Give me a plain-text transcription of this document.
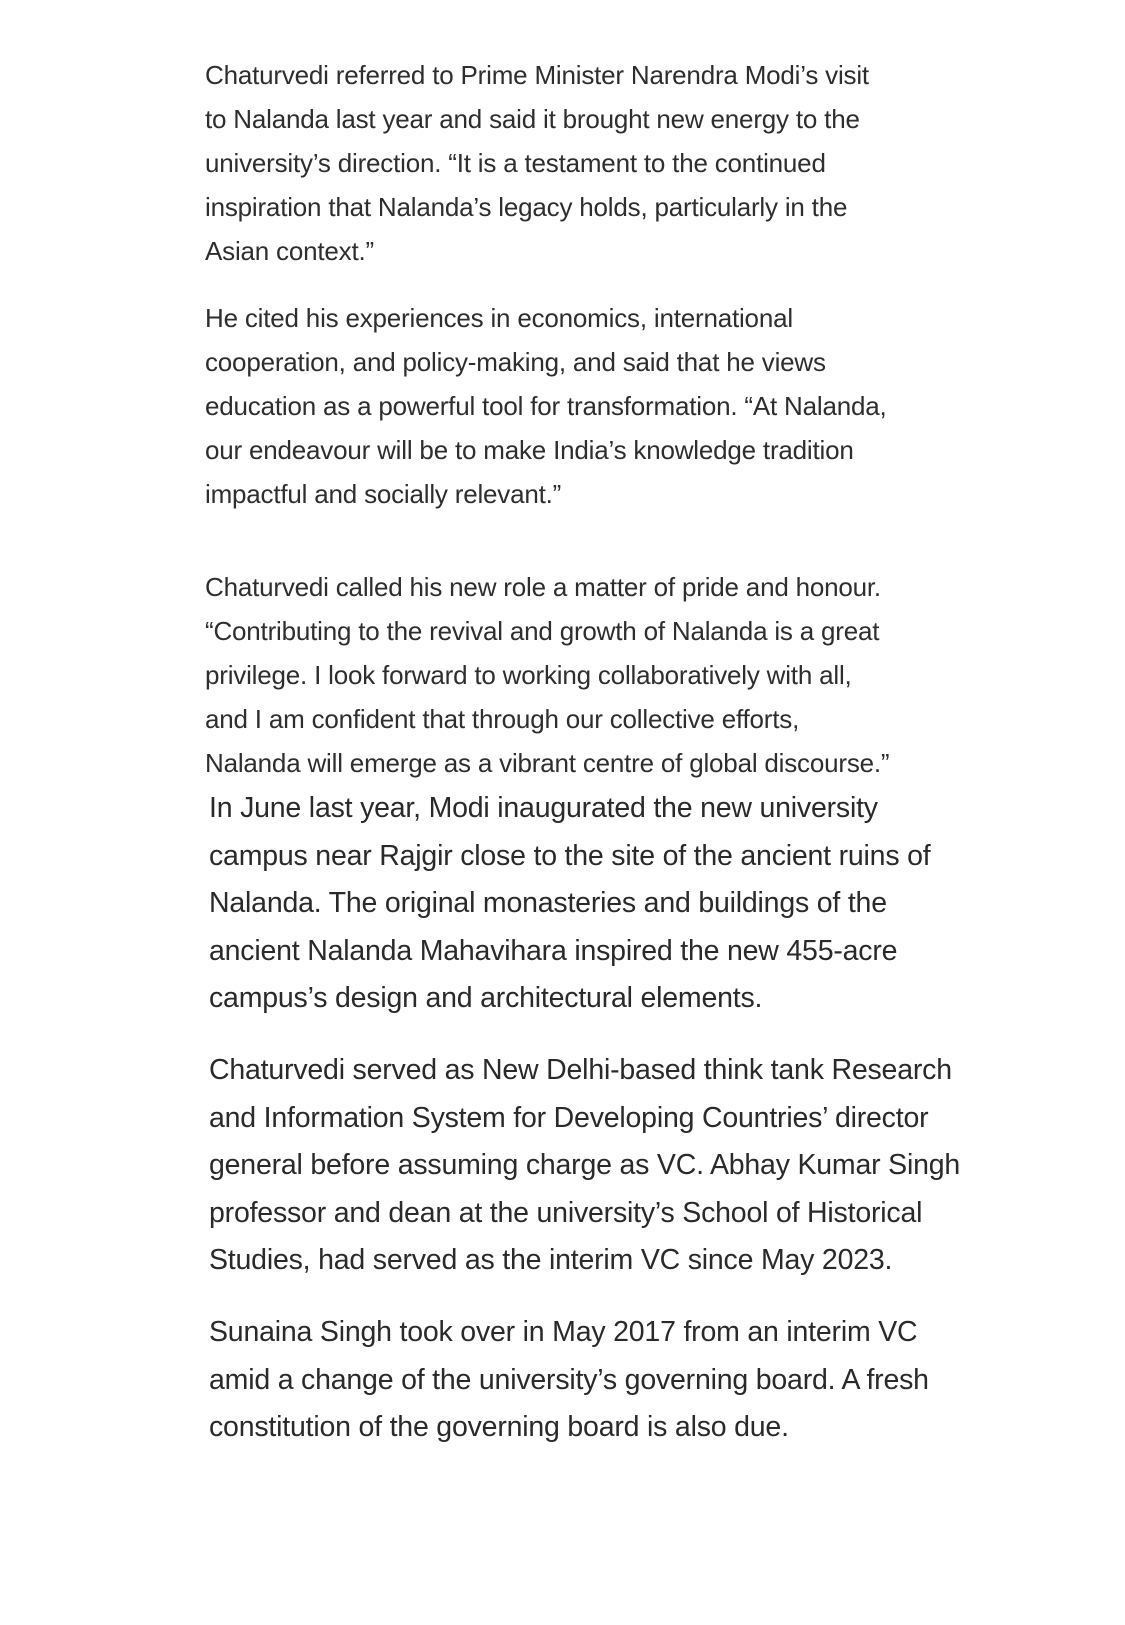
Chaturvedi referred to Prime Minister Narendra Modi’s visit

to Nalanda last year and said it brought new energy to the

university’s direction. “It is a testament to the continued

inspiration that Nalanda’s legacy holds, particularly in the

Asian context.”

He cited his experiences in economics, international

cooperation, and policy-making, and said that he views

education as a powerful tool for transformation. “At Nalanda,

our endeavour will be to make India’s knowledge tradition

impactful and socially relevant.”

Chaturvedi called his new role a matter of pride and honour.

“Contributing to the revival and growth of Nalanda is a great

privilege. I look forward to working collaboratively with all,

and I am confident that through our collective efforts,

Nalanda will emerge as a vibrant centre of global discourse.”

In June last year, Modi inaugurated the new university

campus near Rajgir close to the site of the ancient ruins of

Nalanda. The original monasteries and buildings of the

ancient Nalanda Mahavihara inspired the new 455-acre

campus’s design and architectural elements.

Chaturvedi served as New Delhi-based think tank Research

and Information System for Developing Countries’ director

general before assuming charge as VC. Abhay Kumar Singh

professor and dean at the university’s School of Historical

Studies, had served as the interim VC since May 2023.

Sunaina Singh took over in May 2017 from an interim VC

amid a change of the university’s governing board. A fresh

constitution of the governing board is also due.
